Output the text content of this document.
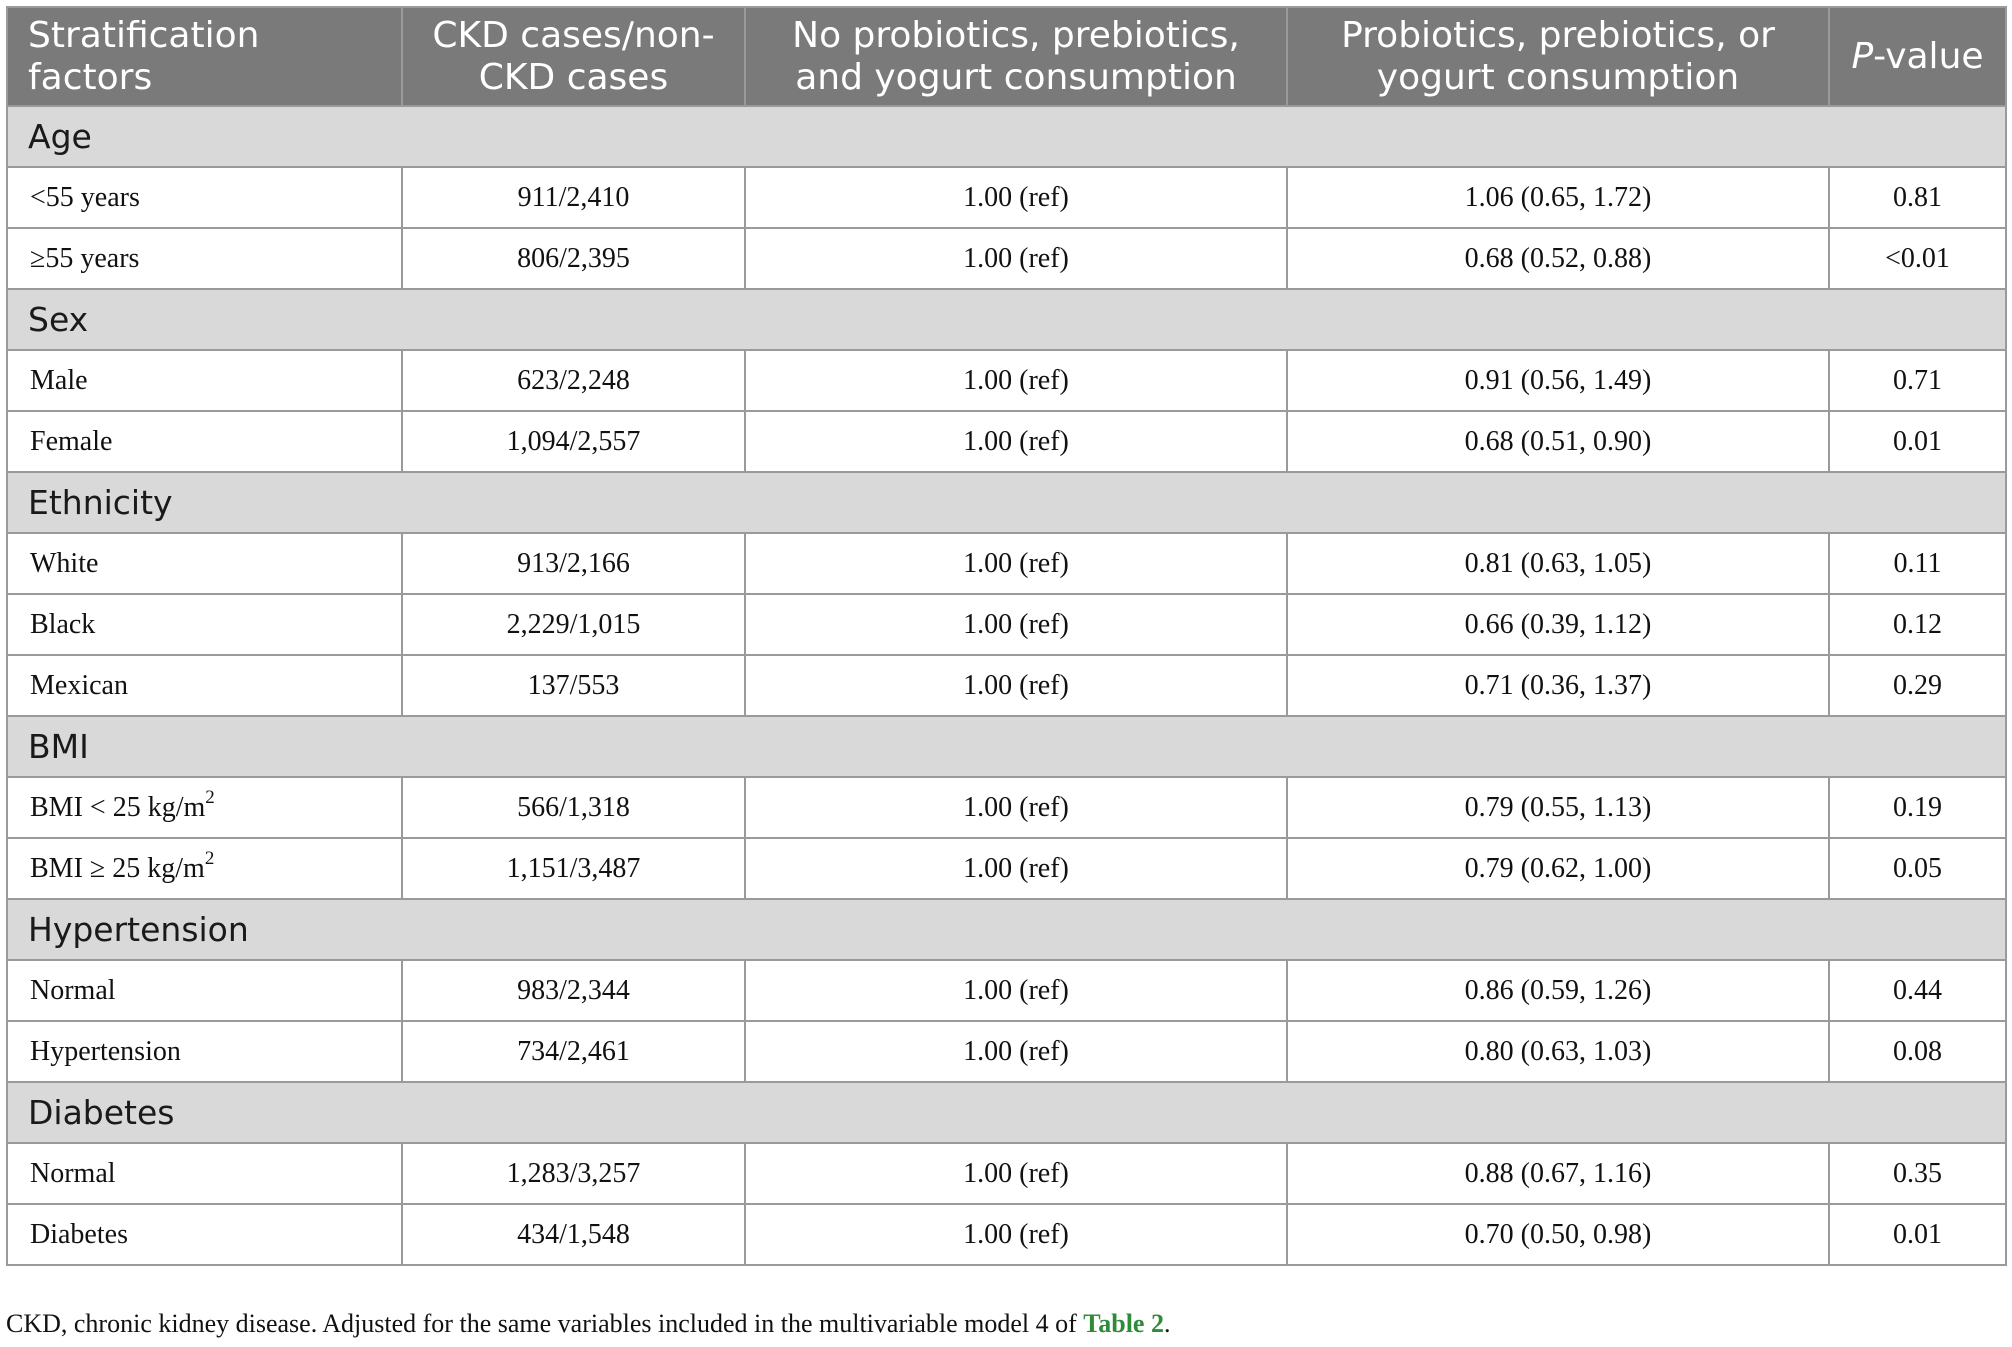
Stratification factors	CKD cases/non-CKD cases	No probiotics, prebiotics, and yogurt consumption	Probiotics, prebiotics, or yogurt consumption	P-value
Age				
<55 years	911/2,410	1.00 (ref)	1.06 (0.65, 1.72)	0.81
≥55 years	806/2,395	1.00 (ref)	0.68 (0.52, 0.88)	<0.01
Sex				
Male	623/2,248	1.00 (ref)	0.91 (0.56, 1.49)	0.71
Female	1,094/2,557	1.00 (ref)	0.68 (0.51, 0.90)	0.01
Ethnicity				
White	913/2,166	1.00 (ref)	0.81 (0.63, 1.05)	0.11
Black	2,229/1,015	1.00 (ref)	0.66 (0.39, 1.12)	0.12
Mexican	137/553	1.00 (ref)	0.71 (0.36, 1.37)	0.29
BMI				
BMI < 25 $kg/m^2$	566/1,318	1.00 (ref)	0.79 (0.55, 1.13)	0.19
BMI ≥ 25 $kg/m^2$	1,151/3,487	1.00 (ref)	0.79 (0.62, 1.00)	0.05
Hypertension				
Normal	983/2,344	1.00 (ref)	0.86 (0.59, 1.26)	0.44
Hypertension	734/2,461	1.00 (ref)	0.80 (0.63, 1.03)	0.08
Diabetes				
Normal	1,283/3,257	1.00 (ref)	0.88 (0.67, 1.16)	0.35
Diabetes	434/1,548	1.00 (ref)	0.70 (0.50, 0.98)	0.01
CKD, chronic kidney disease. Adjusted for the same variables included in the multivariable model 4 of Table 2.
